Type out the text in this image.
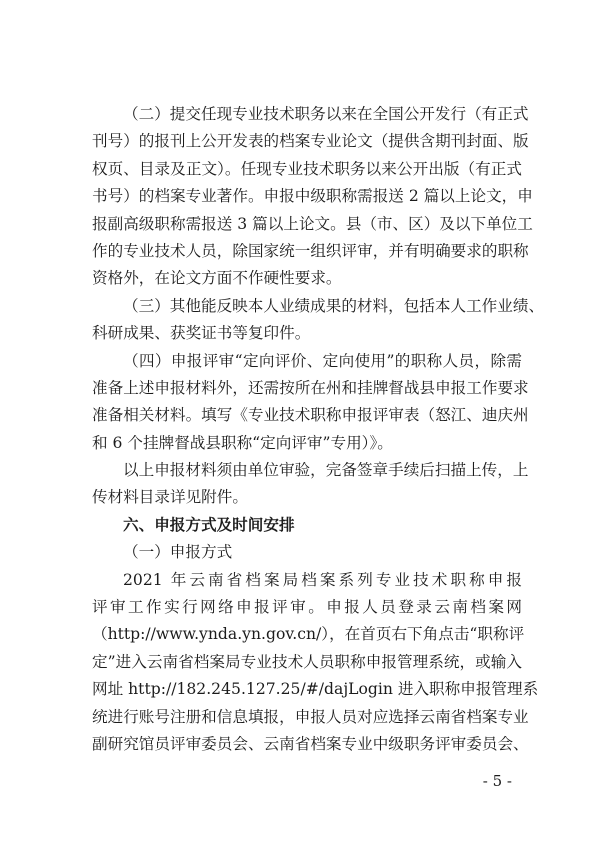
（二）提交任现专业技术职务以来在全国公开发行（有正式
刊号）的报刊上公开发表的档案专业论文（提供含期刊封面、版
权页、目录及正文）。任现专业技术职务以来公开出版（有正式
书号）的档案专业著作。申报中级职称需报送 2 篇以上论文，申
报副高级职称需报送 3 篇以上论文。县（市、区）及以下单位工
作的专业技术人员，除国家统一组织评审，并有明确要求的职称
资格外，在论文方面不作硬性要求。
（三）其他能反映本人业绩成果的材料，包括本人工作业绩、
科研成果、获奖证书等复印件。
（四）申报评审“定向评价、定向使用”的职称人员，除需
准备上述申报材料外，还需按所在州和挂牌督战县申报工作要求
准备相关材料。填写《专业技术职称申报评审表（怒江、迪庆州
和 6 个挂牌督战县职称“定向评审”专用）》。
以上申报材料须由单位审验，完备签章手续后扫描上传，上
传材料目录详见附件。
六、申报方式及时间安排
（一）申报方式
2021 年云南省档案局档案系列专业技术职称申报
评审工作实行网络申报评审。申报人员登录云南档案网
（http://www.ynda.yn.gov.cn/），在首页右下角点击“职称评
定”进入云南省档案局专业技术人员职称申报管理系统，或输入
网址 http://182.245.127.25/#/dajLogin 进入职称申报管理系
统进行账号注册和信息填报，申报人员对应选择云南省档案专业
副研究馆员评审委员会、云南省档案专业中级职务评审委员会、
- 5 -
